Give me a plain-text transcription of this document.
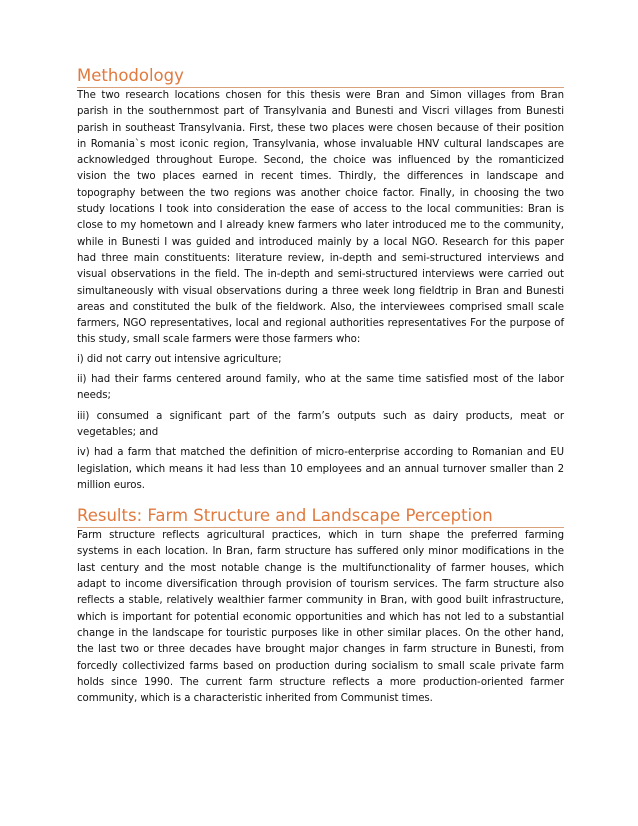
Methodology

The two research locations chosen for this thesis were Bran and Simon villages from Bran parish in the southernmost part of Transylvania and Bunesti and Viscri villages from Bunesti parish in southeast Transylvania. First, these two places were chosen because of their position in Romania`s most iconic region, Transylvania, whose invaluable HNV cultural landscapes are acknowledged throughout Europe. Second, the choice was influenced by the romanticized vision the two places earned in recent times. Thirdly, the differences in landscape and topography between the two regions was another choice factor. Finally, in choosing the two study locations I took into consideration the ease of access to the local communities: Bran is close to my hometown and I already knew farmers who later introduced me to the community, while in Bunesti I was guided and introduced mainly by a local NGO. Research for this paper had three main constituents: literature review, in-depth and semi-structured interviews and visual observations in the field. The in-depth and semi-structured interviews were carried out simultaneously with visual observations during a three week long fieldtrip in Bran and Bunesti areas and constituted the bulk of the fieldwork. Also, the interviewees comprised small scale farmers, NGO representatives, local and regional authorities representatives For the purpose of this study, small scale farmers were those farmers who:

i) did not carry out intensive agriculture;

ii) had their farms centered around family, who at the same time satisfied most of the labor needs;

iii) consumed a significant part of the farm’s outputs such as dairy products, meat or vegetables; and

iv) had a farm that matched the definition of micro-enterprise according to Romanian and EU legislation, which means it had less than 10 employees and an annual turnover smaller than 2 million euros.

Results: Farm Structure and Landscape Perception

Farm structure reflects agricultural practices, which in turn shape the preferred farming systems in each location. In Bran, farm structure has suffered only minor modifications in the last century and the most notable change is the multifunctionality of farmer houses, which adapt to income diversification through provision of tourism services. The farm structure also reflects a stable, relatively wealthier farmer community in Bran, with good built infrastructure, which is important for potential economic opportunities and which has not led to a substantial change in the landscape for touristic purposes like in other similar places. On the other hand, the last two or three decades have brought major changes in farm structure in Bunesti, from forcedly collectivized farms based on production during socialism to small scale private farm holds since 1990. The current farm structure reflects a more production-oriented farmer community, which is a characteristic inherited from Communist times.
